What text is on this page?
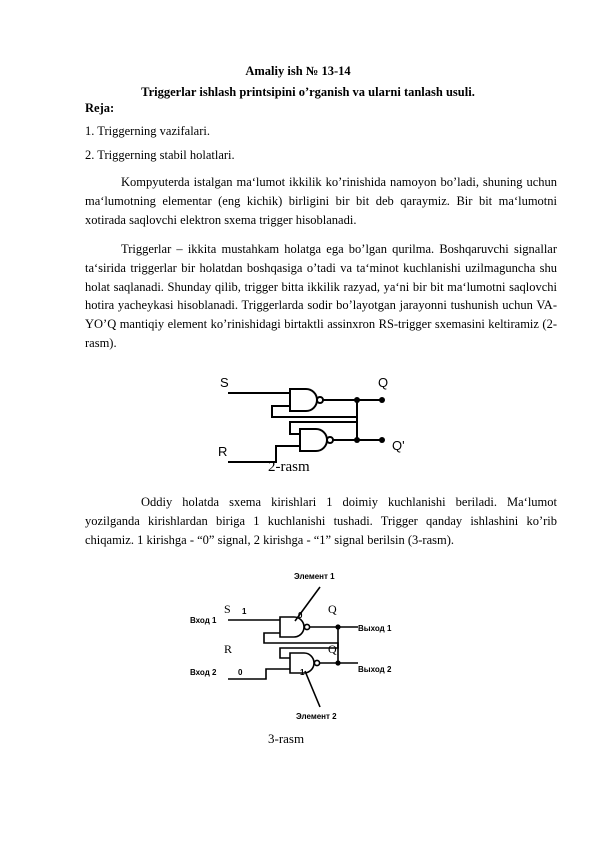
Amaliy ish № 13-14
Triggerlar ishlash printsipini o’rganish va ularni tanlash usuli.
Reja:
1. Triggerning vazifalari.
2. Triggerning stabil holatlari.
Kompyuterda istalgan ma‘lumot ikkilik ko’rinishida namoyon bo’ladi, shuning uchun ma‘lumotning elementar (eng kichik) birligini bir bit deb qaraymiz. Bir bit ma‘lumotni xotirada saqlovchi elektron sxema trigger hisoblanadi.
Triggerlar – ikkita mustahkam holatga ega bo’lgan qurilma. Boshqaruvchi signallar ta‘sirida triggerlar bir holatdan boshqasiga o’tadi va ta‘minot kuchlanishi uzilmaguncha shu holat saqlanadi. Shunday qilib, trigger bitta ikkilik razyad, ya‘ni bir bit ma‘lumotni saqlovchi hotira yacheykasi hisoblanadi. Triggerlarda sodir bo’layotgan jarayonni tushunish uchun VA-YO’Q mantiqiy element ko’rinishidagi birtaktli assinxron RS-trigger sxemasini keltiramiz (2-rasm).
S
R
Q
Q'
2-rasm
Oddiy holatda sxema kirishlari 1 doimiy kuchlanishi beriladi. Ma‘lumot yozilganda kirishlardan biriga 1 kuchlanishi tushadi. Trigger qanday ishlashini ko’rib chiqamiz. 1 kirishga - “0” signal, 2 kirishga - “1” signal berilsin (3-rasm).
Элемент 1
Элемент 2
Вход 1
Вход 2
Выход 1
Выход 2
S
R
Q
Q'
1	0
0	1
3-rasm
